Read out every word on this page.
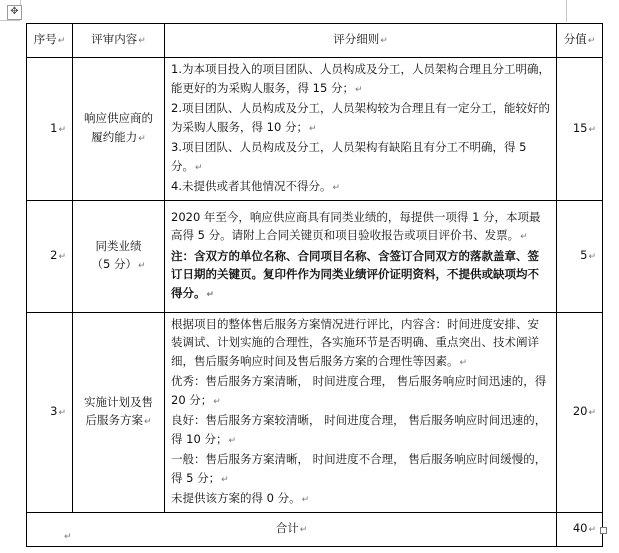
✥
序号↵	评审内容↵	评分细则↵	分值↵
1↵	响应供应商的履约能力↵	1.为本项目投入的项目团队、人员构成及分工，人员架构合理且分工明确，能更好的为采购人服务，得 15 分；↵
2.项目团队、人员构成及分工，人员架构较为合理且有一定分工，能较好的为采购人服务，得 10 分；↵
3.项目团队、人员构成及分工，人员架构有缺陷且有分工不明确，得 5 分。↵
4.未提供或者其他情况不得分。↵	15↵
2↵	同类业绩
（5 分）↵	2020 年至今，响应供应商具有同类业绩的，每提供一项得 1 分，本项最高得 5 分。请附上合同关键页和项目验收报告或项目评价书、发票。↵
注：含双方的单位名称、合同项目名称、含签订合同双方的落款盖章、签订日期的关键页。复印件作为同类业绩评价证明资料，不提供或缺项均不得分。↵	5↵
3↵	实施计划及售后服务方案↵	根据项目的整体售后服务方案情况进行评比，内容含：时间进度安排、安装调试、计划实施的合理性，各实施环节是否明确、重点突出、技术阐详细，售后服务响应时间及售后服务方案的合理性等因素。↵
优秀：售后服务方案清晰， 时间进度合理， 售后服务响应时间迅速的，得 20 分；↵
良好：售后服务方案较清晰， 时间进度合理， 售后服务响应时间迅速的，得 10 分；↵
一般：售后服务方案清晰， 时间进度不合理， 售后服务响应时间缓慢的，得 5 分；↵
未提供该方案的得 0 分。↵	20↵
合计↵			40↵
↵
